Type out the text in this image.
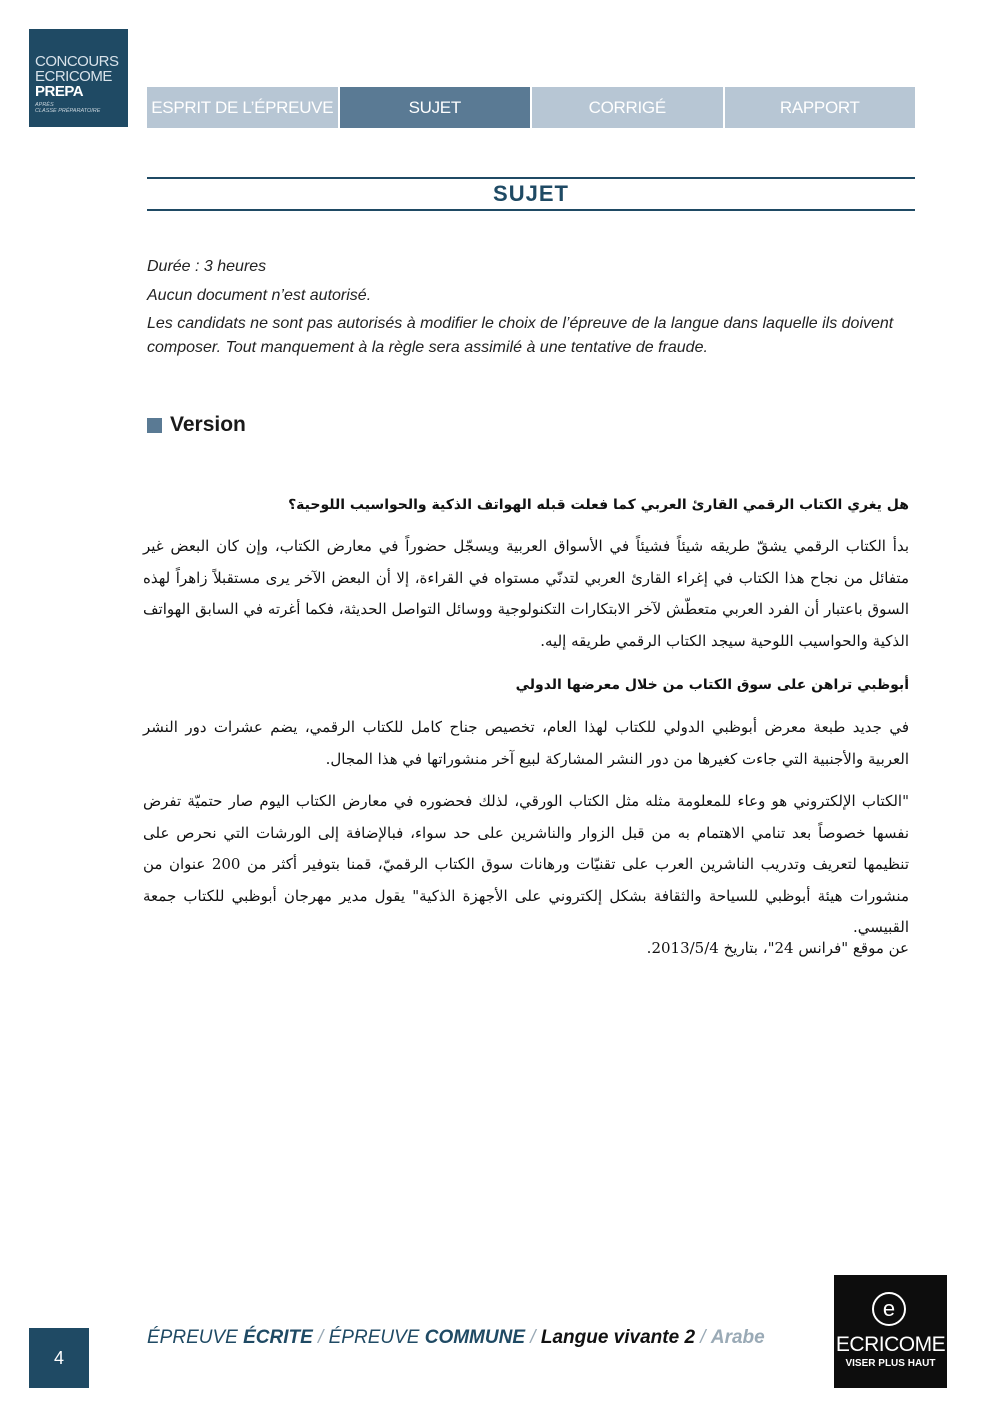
CONCOURS
ECRICOME
PREPA
APRÈS
CLASSE PRÉPARATOIRE	ESPRIT DE L’ÉPREUVE	SUJET	CORRIGÉ	RAPPORT
SUJET
Durée : 3 heures
Aucun document n’est autorisé.
Les candidats ne sont pas autorisés à modifier le choix de l’épreuve de la langue dans laquelle ils doivent composer. Tout manquement à la règle sera assimilé à une tentative de fraude.
Version
هل يغري الكتاب الرقمي القارئ العربي كما فعلت قبله الهواتف الذكية والحواسيب اللوحية؟
بدأ الكتاب الرقمي يشقّ طريقه شيئاً فشيئاً في الأسواق العربية ويسجّل حضوراً في معارض الكتاب، وإن كان البعض غير متفائل من نجاح هذا الكتاب في إغراء القارئ العربي لتدنّي مستواه في القراءة، إلا أن البعض الآخر يرى مستقبلاً زاهراً لهذه السوق باعتبار أن الفرد العربي متعطّش لآخر الابتكارات التكنولوجية ووسائل التواصل الحديثة، فكما أغرته في السابق الهواتف الذكية والحواسيب اللوحية سيجد الكتاب الرقمي طريقه إليه.
أبوظبي تراهن على سوق الكتاب من خلال معرضها الدولي
في جديد طبعة معرض أبوظبي الدولي للكتاب لهذا العام، تخصيص جناح كامل للكتاب الرقمي، يضم عشرات دور النشر العربية والأجنبية التي جاءت كغيرها من دور النشر المشاركة لبيع آخر منشوراتها في هذا المجال.
"الكتاب الإلكتروني هو وعاء للمعلومة مثله مثل الكتاب الورقي، لذلك فحضوره في معارض الكتاب اليوم صار حتميّة تفرض نفسها خصوصاً بعد تنامي الاهتمام به من قبل الزوار والناشرين على حد سواء، فبالإضافة إلى الورشات التي نحرص على تنظيمها لتعريف وتدريب الناشرين العرب على تقنيّات ورهانات سوق الكتاب الرقميّ، قمنا بتوفير أكثر من 200 عنوان من منشورات هيئة أبوظبي للسياحة والثقافة بشكل إلكتروني على الأجهزة الذكية" يقول مدير مهرجان أبوظبي للكتاب جمعة القبيسي.
عن موقع "فرانس 24"، بتاريخ 2013/5/4.
4
ÉPREUVE ÉCRITE / ÉPREUVE COMMUNE / Langue vivante 2 / Arabe
e
ECRICOME
VISER PLUS HAUT
